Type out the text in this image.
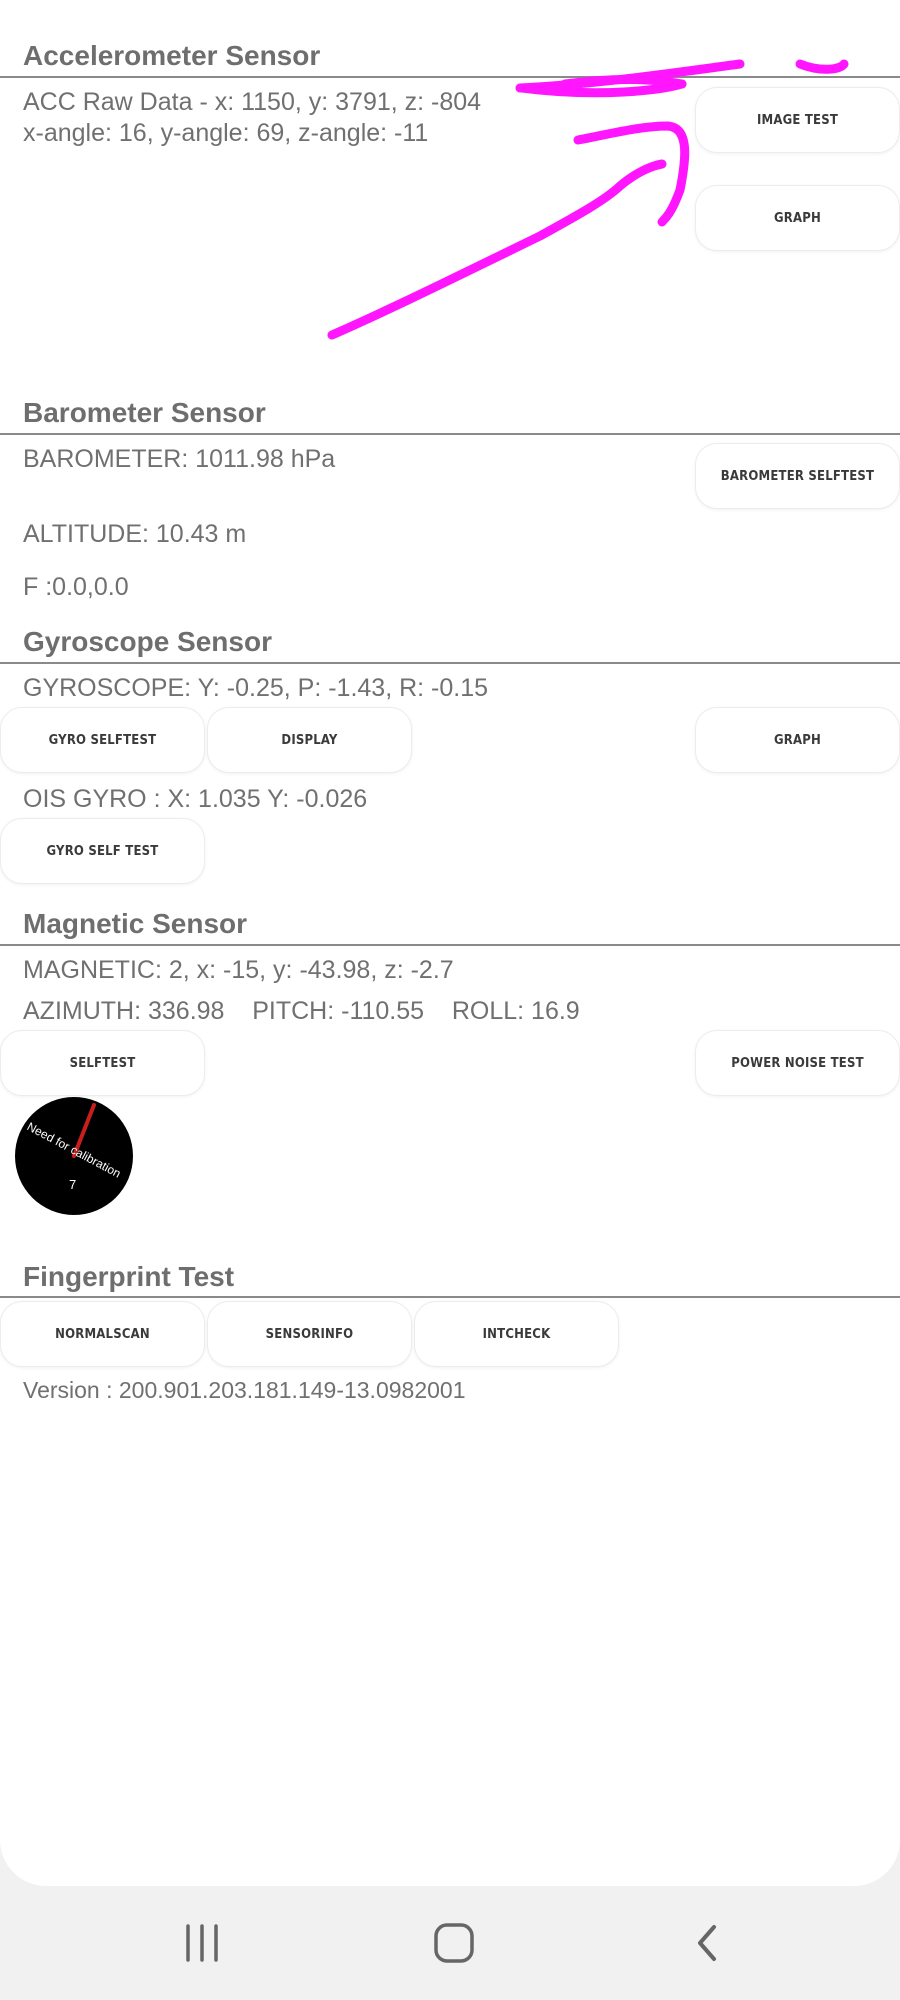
Accelerometer Sensor
ACC Raw Data - x: 1150, y: 3791, z: -804
x-angle: 16, y-angle: 69, z-angle: -11	IMAGE TEST
GRAPH
Barometer Sensor
BAROMETER: 1011.98 hPa
ALTITUDE: 10.43 m
F :0.0,0.0
BAROMETER SELFTEST
Gyroscope Sensor
GYROSCOPE: Y: -0.25, P: -1.43, R: -0.15
GYRO SELFTEST	DISPLAY	GRAPH
OIS GYRO : X: 1.035 Y: -0.026
GYRO SELF TEST
Magnetic Sensor
MAGNETIC: 2, x: -15, y: -43.98, z: -2.7
AZIMUTH: 336.98    PITCH: -110.55    ROLL: 16.9
SELFTEST	POWER NOISE TEST
Need for calibration
7
Fingerprint Test
NORMALSCAN	SENSORINFO	INTCHECK
Version : 200.901.203.181.149-13.0982001
